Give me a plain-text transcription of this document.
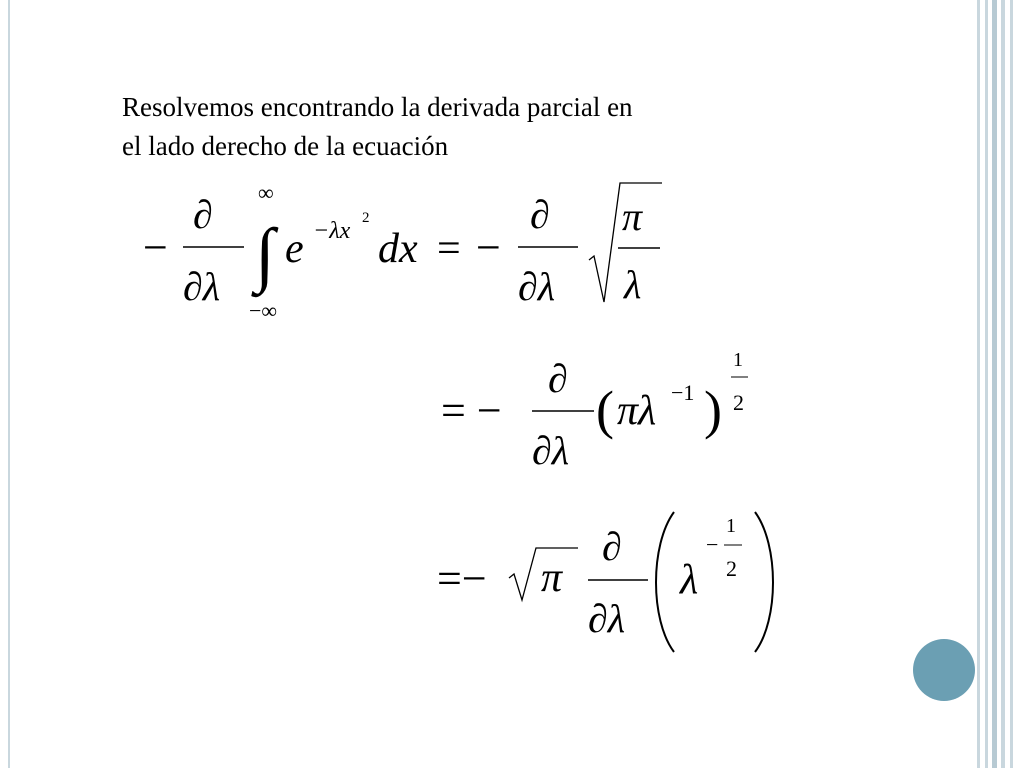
Resolvemos encontrando la derivada parcial en
el lado derecho de la ecuación
−
∂
∂λ
∞
∫
−∞
e −λx 2
dx = −
∂
∂λ
π
λ
= −
∂
∂λ
( πλ −1 )
1
2
=− π
∂
∂λ
λ
−
1
2
